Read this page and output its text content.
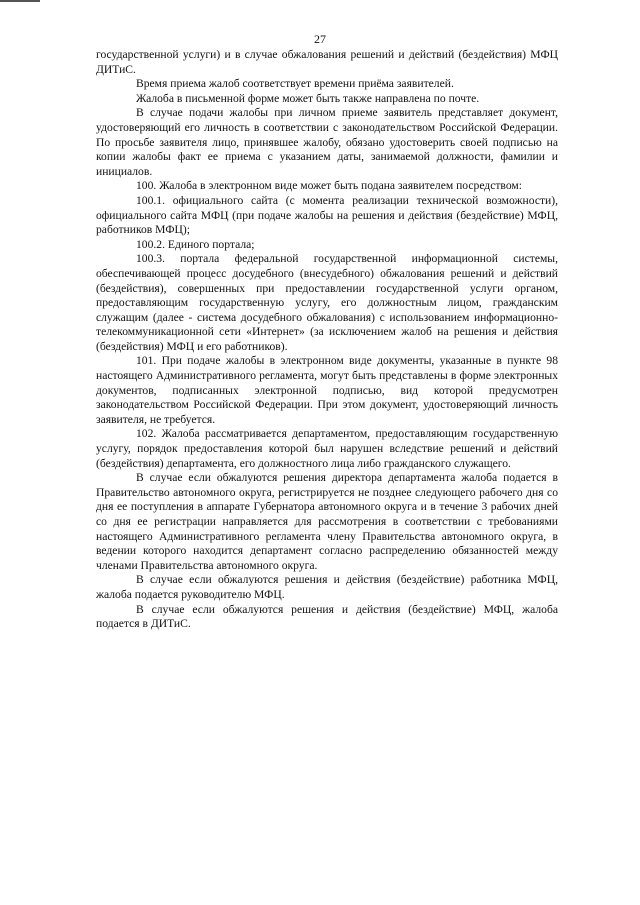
27

государственной услуги) и в случае обжалования решений и действий (бездействия) МФЦ ДИТиС.

Время приема жалоб соответствует времени приёма заявителей.

Жалоба в письменной форме может быть также направлена по почте.

В случае подачи жалобы при личном приеме заявитель представляет документ, удостоверяющий его личность в соответствии с законодательством Российской Федерации. По просьбе заявителя лицо, принявшее жалобу, обязано удостоверить своей подписью на копии жалобы факт ее приема с указанием даты, занимаемой должности, фамилии и инициалов.

100. Жалоба в электронном виде может быть подана заявителем посредством:

100.1. официального сайта (с момента реализации технической возможности), официального сайта МФЦ (при подаче жалобы на решения и действия (бездействие) МФЦ, работников МФЦ);

100.2. Единого портала;

100.3. портала федеральной государственной информационной системы, обеспечивающей процесс досудебного (внесудебного) обжалования решений и действий (бездействия), совершенных при предоставлении государственной услуги органом, предоставляющим государственную услугу, его должностным лицом, гражданским служащим (далее - система досудебного обжалования) с использованием информационно-телекоммуникационной сети «Интернет» (за исключением жалоб на решения и действия (бездействия) МФЦ и его работников).

101. При подаче жалобы в электронном виде документы, указанные в пункте 98 настоящего Административного регламента, могут быть представлены в форме электронных документов, подписанных электронной подписью, вид которой предусмотрен законодательством Российской Федерации. При этом документ, удостоверяющий личность заявителя, не требуется.

102. Жалоба рассматривается департаментом, предоставляющим государственную услугу, порядок предоставления которой был нарушен вследствие решений и действий (бездействия) департамента, его должностного лица либо гражданского служащего.

В случае если обжалуются решения директора департамента жалоба подается в Правительство автономного округа, регистрируется не позднее следующего рабочего дня со дня ее поступления в аппарате Губернатора автономного округа и в течение 3 рабочих дней со дня ее регистрации направляется для рассмотрения в соответствии с требованиями настоящего Административного регламента члену Правительства автономного округа, в ведении которого находится департамент согласно распределению обязанностей между членами Правительства автономного округа.

В случае если обжалуются решения и действия (бездействие) работника МФЦ, жалоба подается руководителю МФЦ.

В случае если обжалуются решения и действия (бездействие) МФЦ, жалоба подается в ДИТиС.
